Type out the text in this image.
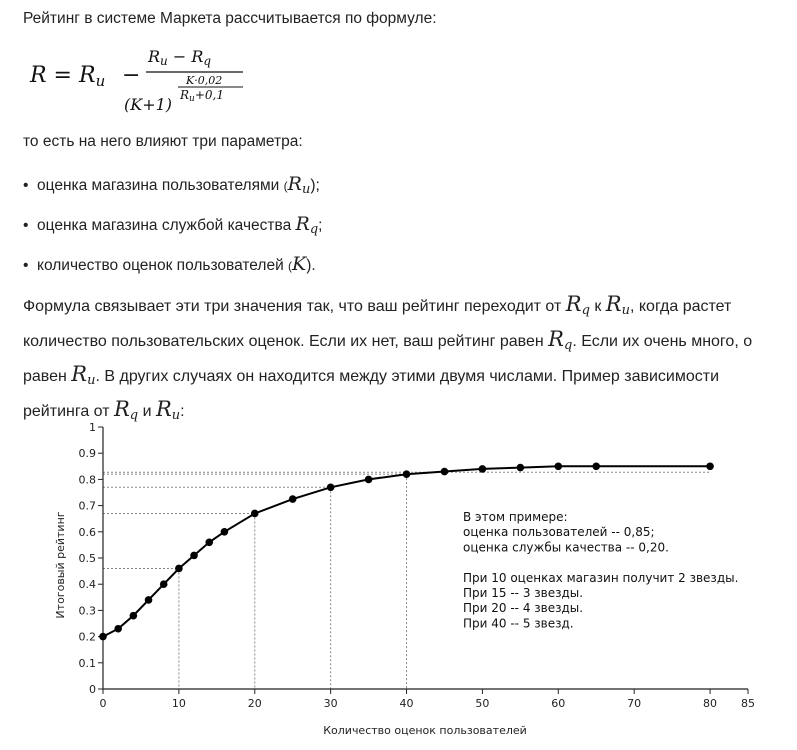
Рейтинг в системе Маркета рассчитывается по формуле:
R = Ru −
Ru − Rq
K·0,02
Ru+0,1
(K+1)
то есть на него влияют три параметра:
• оценка магазина пользователями $(R_u)$;
• оценка магазина службой качества $R_q$;
• количество оценок пользователей (K).
Формула связывает эти три значения так, что ваш рейтинг переходит от $R_q$ к $R_u$, когда растет
количество пользовательских оценок. Если их нет, ваш рейтинг равен $R_q$. Если их очень много, о
равен $R_u$. В других случаях он находится между этими двумя числами. Пример зависимости
рейтинга от $R_q$ и $R_u$:
0
0.1
0.2
0.3
0.4
0.5
0.6
0.7
0.8
0.9
1
0	10	20	30	40	50	60	70	80 85
Итоговый рейтинг
Количество оценок пользователей
В этом примере:
оценка пользователей -- 0,85;
оценка службы качества -- 0,20.
При 10 оценках магазин получит 2 звезды.
При 15 -- 3 звезды.
При 20 -- 4 звезды.
При 40 -- 5 звезд.
